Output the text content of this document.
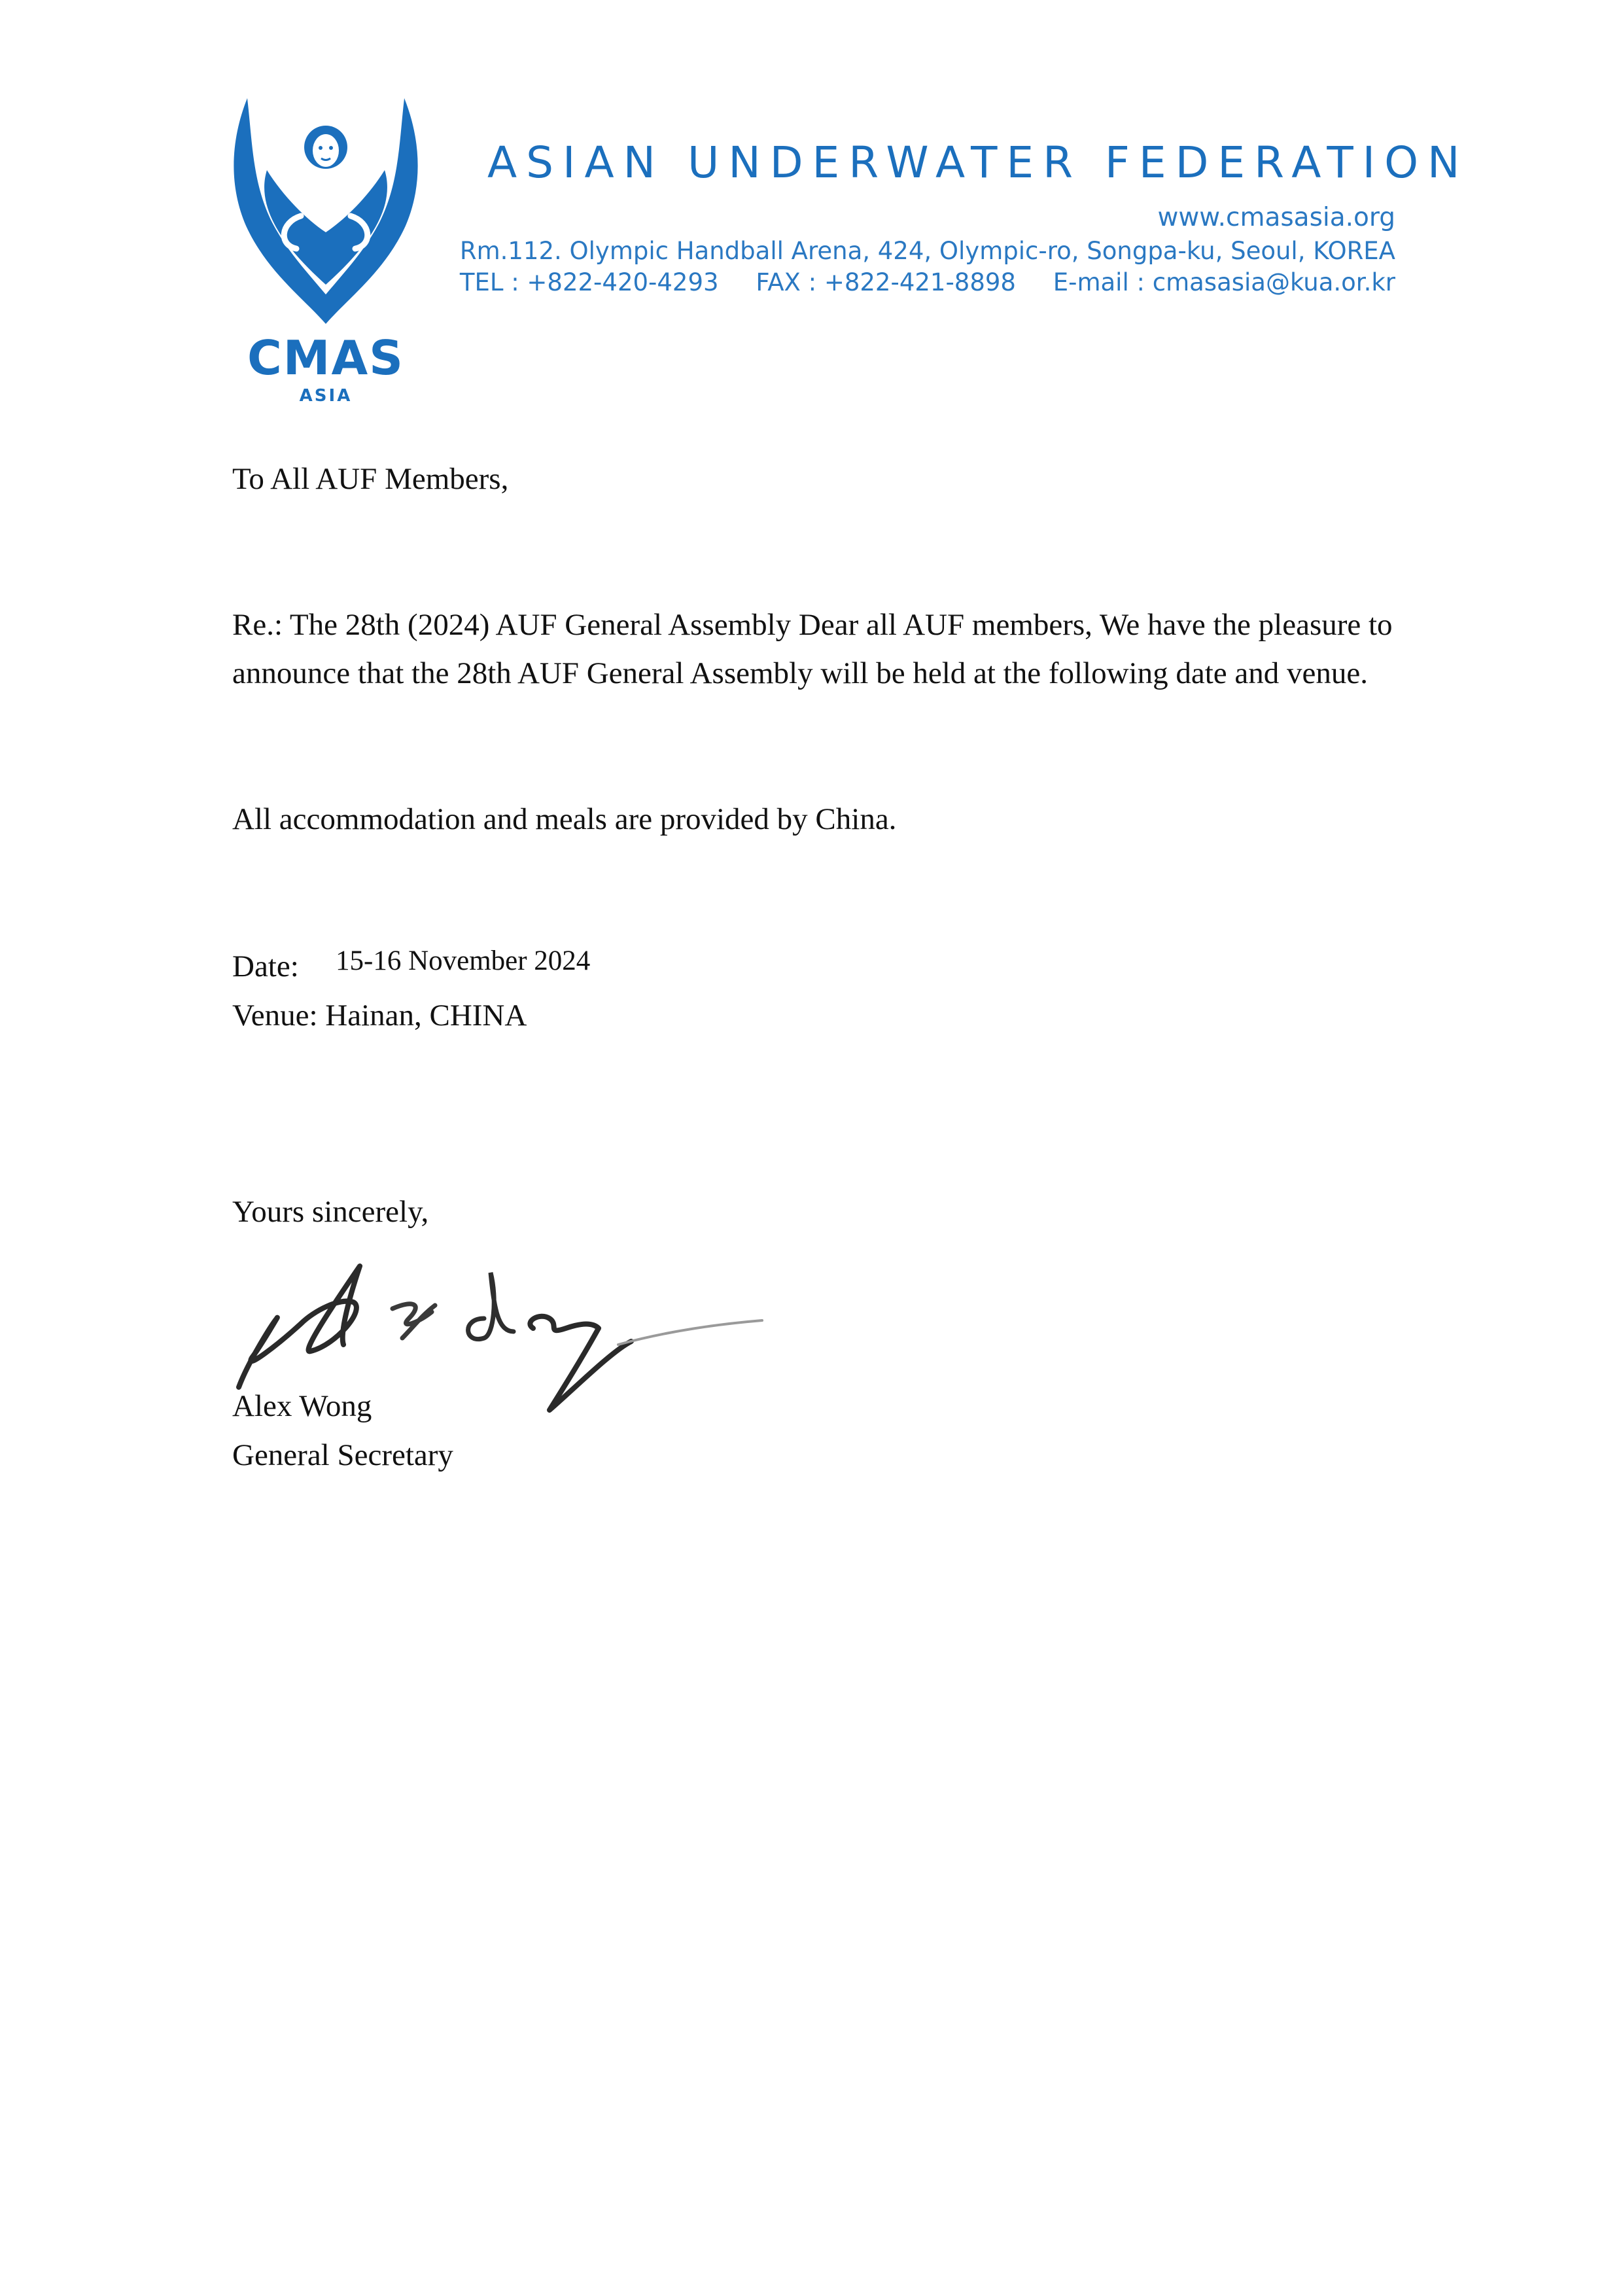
CMAS
ASIA
ASIAN UNDERWATER FEDERATION
www.cmasasia.org
Rm.112. Olympic Handball Arena, 424, Olympic-ro, Songpa-ku, Seoul, KOREA
TEL : +822-420-4293 FAX : +822-421-8898 E-mail : cmasasia@kua.or.kr
To All AUF Members,
Re.: The 28th (2024) AUF General Assembly Dear all AUF members, We have the pleasure to announce that the 28th AUF General Assembly will be held at the following date and venue.
All accommodation and meals are provided by China.
Date: 15-16 November 2024
Venue: Hainan, CHINA
Yours sincerely,
Alex Wong
General Secretary
